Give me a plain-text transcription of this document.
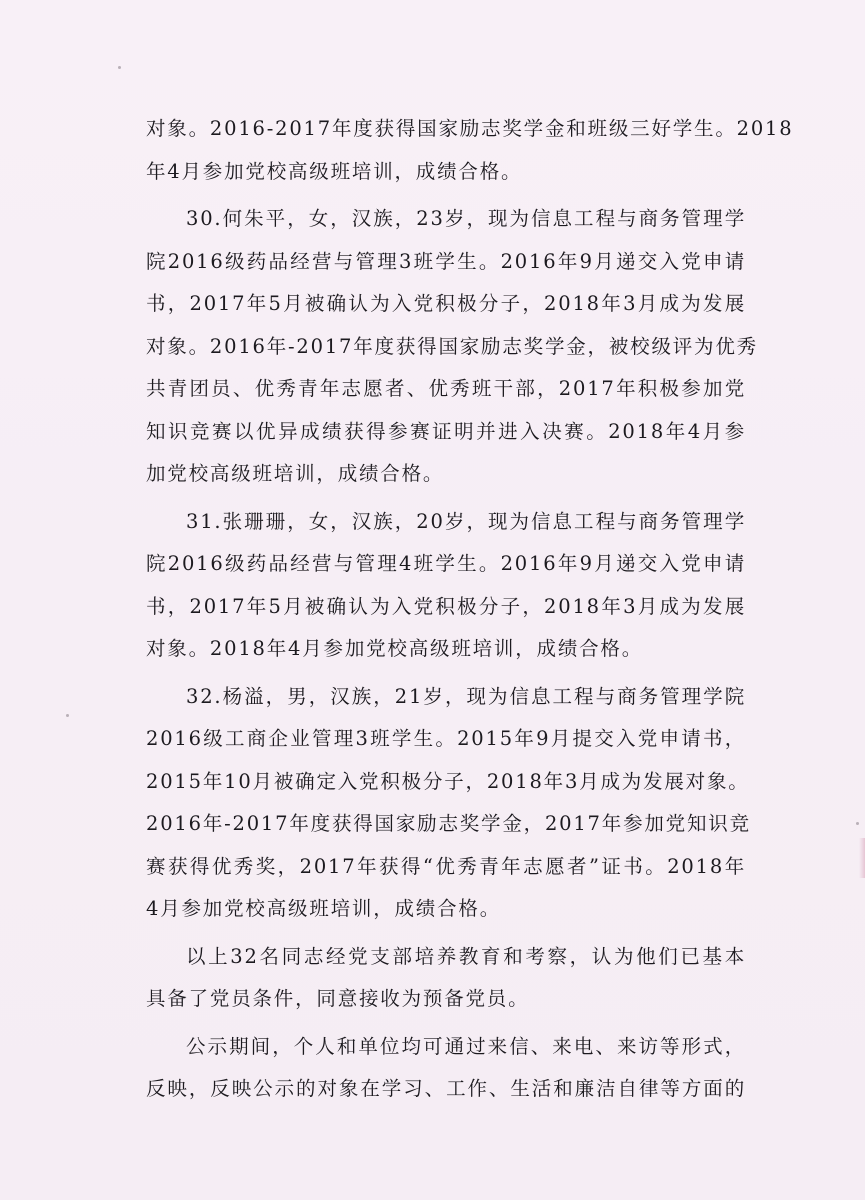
对象。2016-2017年度获得国家励志奖学金和班级三好学生。2018
年4月参加党校高级班培训，成绩合格。
30.何朱平，女，汉族，23岁，现为信息工程与商务管理学
院2016级药品经营与管理3班学生。2016年9月递交入党申请
书，2017年5月被确认为入党积极分子，2018年3月成为发展
对象。2016年-2017年度获得国家励志奖学金，被校级评为优秀
共青团员、优秀青年志愿者、优秀班干部，2017年积极参加党
知识竞赛以优异成绩获得参赛证明并进入决赛。2018年4月参
加党校高级班培训，成绩合格。
31.张珊珊，女，汉族，20岁，现为信息工程与商务管理学
院2016级药品经营与管理4班学生。2016年9月递交入党申请
书，2017年5月被确认为入党积极分子，2018年3月成为发展
对象。2018年4月参加党校高级班培训，成绩合格。
32.杨溢，男，汉族，21岁，现为信息工程与商务管理学院
2016级工商企业管理3班学生。2015年9月提交入党申请书，
2015年10月被确定入党积极分子，2018年3月成为发展对象。
2016年-2017年度获得国家励志奖学金，2017年参加党知识竞
赛获得优秀奖，2017年获得“优秀青年志愿者”证书。2018年
4月参加党校高级班培训，成绩合格。
以上32名同志经党支部培养教育和考察，认为他们已基本
具备了党员条件，同意接收为预备党员。
公示期间，个人和单位均可通过来信、来电、来访等形式，
反映，反映公示的对象在学习、工作、生活和廉洁自律等方面的
